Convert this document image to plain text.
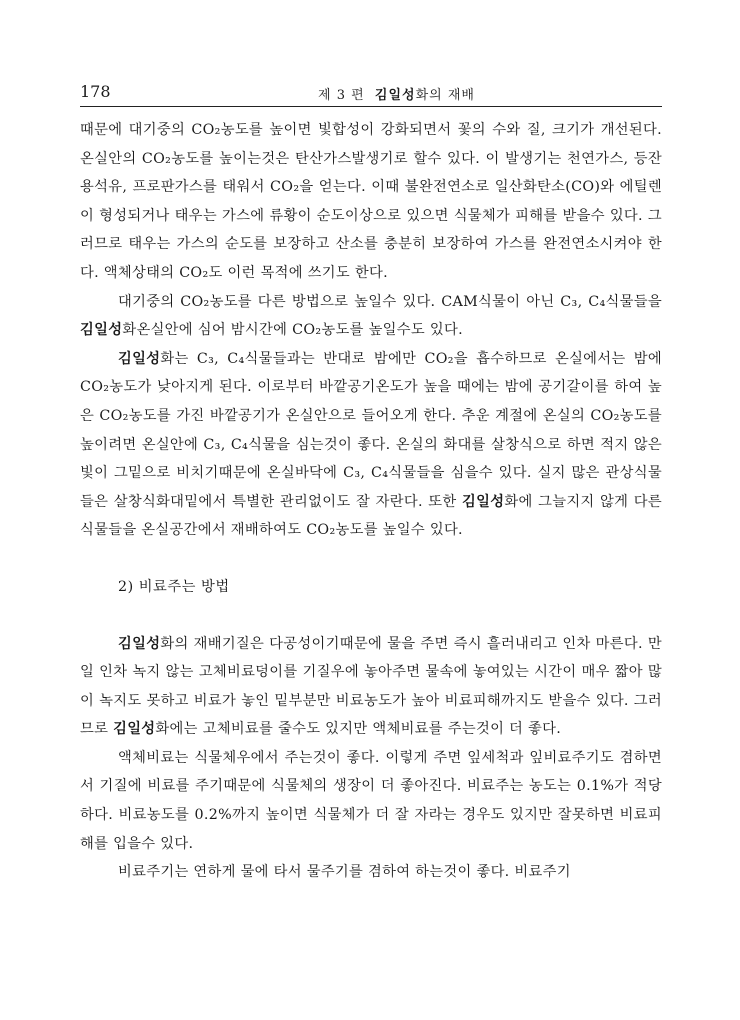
178	제 3 편 김일성화의 재배

때문에 대기중의 CO₂농도를 높이면 빛합성이 강화되면서 꽃의 수와 질, 크기가 개선된다. 온실안의 CO₂농도를 높이는것은 탄산가스발생기로 할수 있다. 이 발생기는 천연가스, 등잔용석유, 프로판가스를 태워서 CO₂을 얻는다. 이때 불완전연소로 일산화탄소(CO)와 에틸렌이 형성되거나 태우는 가스에 류황이 순도이상으로 있으면 식물체가 피해를 받을수 있다. 그러므로 태우는 가스의 순도를 보장하고 산소를 충분히 보장하여 가스를 완전연소시켜야 한다. 액체상태의 CO₂도 이런 목적에 쓰기도 한다.

대기중의 CO₂농도를 다른 방법으로 높일수 있다. CAM식물이 아닌 C₃, C₄식물들을 김일성화온실안에 심어 밤시간에 CO₂농도를 높일수도 있다.

김일성화는 C₃, C₄식물들과는 반대로 밤에만 CO₂을 흡수하므로 온실에서는 밤에 CO₂농도가 낮아지게 된다. 이로부터 바깥공기온도가 높을 때에는 밤에 공기갈이를 하여 높은 CO₂농도를 가진 바깥공기가 온실안으로 들어오게 한다. 추운 계절에 온실의 CO₂농도를 높이려면 온실안에 C₃, C₄식물을 심는것이 좋다. 온실의 화대를 살창식으로 하면 적지 않은 빛이 그밑으로 비치기때문에 온실바닥에 C₃, C₄식물들을 심을수 있다. 실지 많은 관상식물들은 살창식화대밑에서 특별한 관리없이도 잘 자란다. 또한 김일성화에 그늘지지 않게 다른 식물들을 온실공간에서 재배하여도 CO₂농도를 높일수 있다.

2) 비료주는 방법

김일성화의 재배기질은 다공성이기때문에 물을 주면 즉시 흘러내리고 인차 마른다. 만일 인차 녹지 않는 고체비료덩이를 기질우에 놓아주면 물속에 놓여있는 시간이 매우 짧아 많이 녹지도 못하고 비료가 놓인 밑부분만 비료농도가 높아 비료피해까지도 받을수 있다. 그러므로 김일성화에는 고체비료를 줄수도 있지만 액체비료를 주는것이 더 좋다.

액체비료는 식물체우에서 주는것이 좋다. 이렇게 주면 잎세척과 잎비료주기도 겸하면서 기질에 비료를 주기때문에 식물체의 생장이 더 좋아진다. 비료주는 농도는 0.1%가 적당하다. 비료농도를 0.2%까지 높이면 식물체가 더 잘 자라는 경우도 있지만 잘못하면 비료피해를 입을수 있다.

비료주기는 연하게 물에 타서 물주기를 겸하여 하는것이 좋다. 비료주기
